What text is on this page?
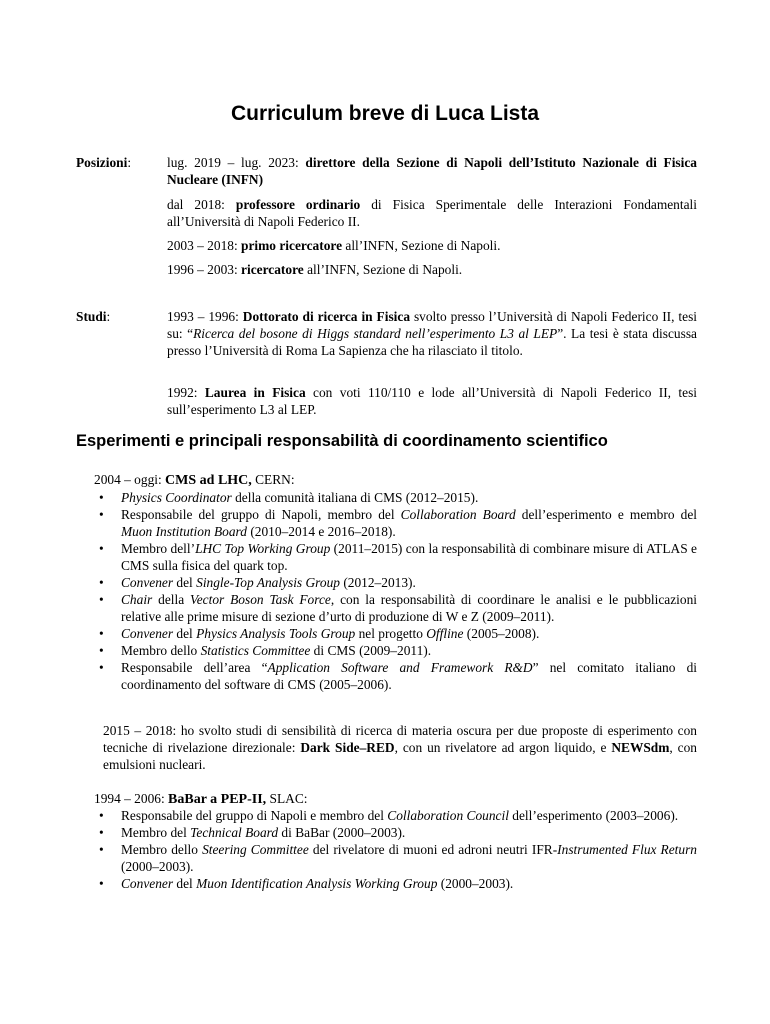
Curriculum breve di Luca Lista
Posizioni:	lug. 2019 – lug. 2023: direttore della Sezione di Napoli dell’Istituto Nazionale di Fisica Nucleare (INFN)
dal 2018: professore ordinario di Fisica Sperimentale delle Interazioni Fondamentali all’Università di Napoli Federico II.
2003 – 2018: primo ricercatore all’INFN, Sezione di Napoli.
1996 – 2003: ricercatore all’INFN, Sezione di Napoli.
Studi:	1993 – 1996: Dottorato di ricerca in Fisica svolto presso l’Università di Napoli Federico II, tesi su: “Ricerca del bosone di Higgs standard nell’esperimento L3 al LEP”. La tesi è stata discussa presso l’Università di Roma La Sapienza che ha rilasciato il titolo.
1992: Laurea in Fisica con voti 110/110 e lode all’Università di Napoli Federico II, tesi sull’esperimento L3 al LEP.
Esperimenti e principali responsabilità di coordinamento scientifico
2004 – oggi: CMS ad LHC, CERN:
• Physics Coordinator della comunità italiana di CMS (2012–2015).
• Responsabile del gruppo di Napoli, membro del Collaboration Board dell’esperimento e membro del Muon Institution Board (2010–2014 e 2016–2018).
• Membro dell’LHC Top Working Group (2011–2015) con la responsabilità di combinare misure di ATLAS e CMS sulla fisica del quark top.
• Convener del Single-Top Analysis Group (2012–2013).
• Chair della Vector Boson Task Force, con la responsabilità di coordinare le analisi e le pubblicazioni relative alle prime misure di sezione d’urto di produzione di W e Z (2009–2011).
• Convener del Physics Analysis Tools Group nel progetto Offline (2005–2008).
• Membro dello Statistics Committee di CMS (2009–2011).
• Responsabile dell’area “Application Software and Framework R&D” nel comitato italiano di coordinamento del software di CMS (2005–2006).
2015 – 2018: ho svolto studi di sensibilità di ricerca di materia oscura per due proposte di esperimento con tecniche di rivelazione direzionale: Dark Side–RED, con un rivelatore ad argon liquido, e NEWSdm, con emulsioni nucleari.
1994 – 2006: BaBar a PEP-II, SLAC:
• Responsabile del gruppo di Napoli e membro del Collaboration Council dell’esperimento (2003–2006).
• Membro del Technical Board di BaBar (2000–2003).
• Membro dello Steering Committee del rivelatore di muoni ed adroni neutri IFR-Instrumented Flux Return (2000–2003).
• Convener del Muon Identification Analysis Working Group (2000–2003).
